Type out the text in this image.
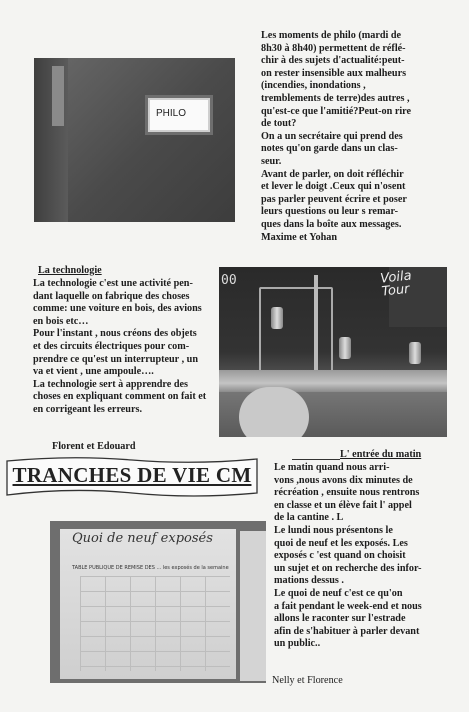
PHILO
Les moments de philo (mardi de
8h30 à 8h40) permettent de réflé-
chir à des sujets d'actualité:peut-
on rester insensible aux malheurs
(incendies, inondations ,
tremblements de terre)des autres ,
qu'est-ce que l'amitié?Peut-on rire
de tout?
On a un secrétaire qui prend des
notes qu'on garde dans un clas-
seur.
Avant de parler, on doit réfléchir
et lever le doigt .Ceux qui n'osent
pas parler peuvent écrire et poser
leurs questions ou leur s remar-
ques dans la boîte aux messages.
Maxime et Yohan
La technologie
La technologie c'est une activité pen-
dant laquelle on fabrique des choses
comme: une voiture en bois, des avions
en bois etc…
Pour l'instant , nous créons des objets
et des circuits électriques pour com-
prendre ce qu'est un interrupteur , un
va et vient , une ampoule….
La technologie sert à apprendre des
choses en expliquant comment on fait et
en corrigeant les erreurs.
00	Voila
Tour
Florent et Edouard
TRANCHES DE VIE CM
L' entrée du matin
Le matin quand nous arri-
vons ,nous avons dix minutes de
récréation , ensuite nous rentrons
en classe et un élève fait l' appel
de la cantine . L
Le lundi nous présentons le
quoi de neuf et les exposés. Les
exposés c 'est quand on choisit
un sujet et on recherche des infor-
mations dessus .
Le quoi de neuf c'est ce qu'on
a fait pendant le week-end et nous
allons le raconter sur l'estrade
afin de s'habituer à parler devant
un public..
Nelly et Florence
Quoi de neuf exposés
TABLE PUBLIQUE DE REMISE DES ... les exposés de la semaine
